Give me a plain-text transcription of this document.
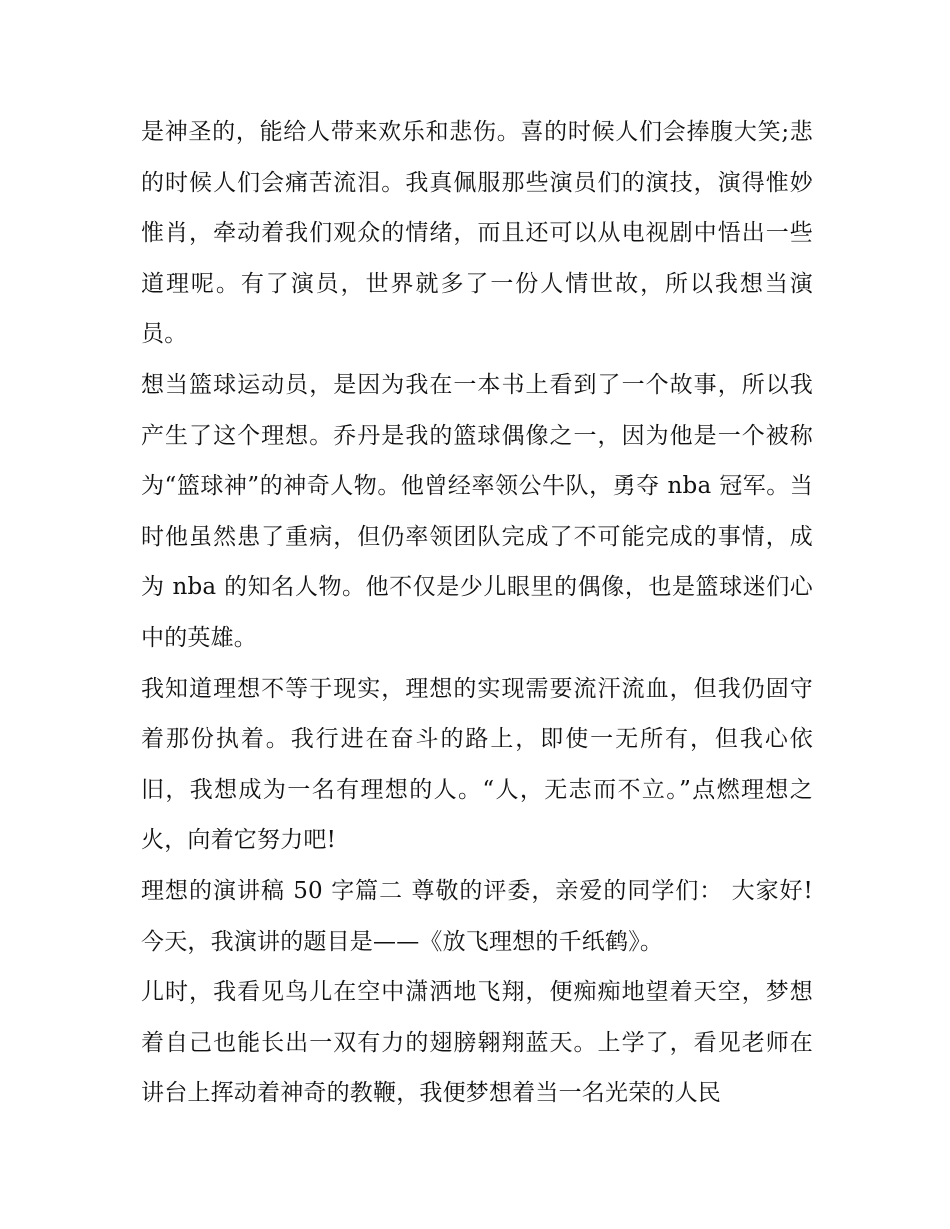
是神圣的，能给人带来欢乐和悲伤。喜的时候人们会捧腹大笑;悲的时候人们会痛苦流泪。我真佩服那些演员们的演技，演得惟妙惟肖，牵动着我们观众的情绪，而且还可以从电视剧中悟出一些道理呢。有了演员，世界就多了一份人情世故，所以我想当演员。

想当篮球运动员，是因为我在一本书上看到了一个故事，所以我产生了这个理想。乔丹是我的篮球偶像之一，因为他是一个被称为“篮球神”的神奇人物。他曾经率领公牛队，勇夺 nba 冠军。当时他虽然患了重病，但仍率领团队完成了不可能完成的事情，成为 nba 的知名人物。他不仅是少儿眼里的偶像，也是篮球迷们心中的英雄。

我知道理想不等于现实，理想的实现需要流汗流血，但我仍固守着那份执着。我行进在奋斗的路上，即使一无所有，但我心依旧，我想成为一名有理想的人。“人，无志而不立。”点燃理想之火，向着它努力吧!

理想的演讲稿 50 字篇二 尊敬的评委，亲爱的同学们： 大家好! 今天，我演讲的题目是——《放飞理想的千纸鹤》。

儿时，我看见鸟儿在空中潇洒地飞翔，便痴痴地望着天空，梦想着自己也能长出一双有力的翅膀翱翔蓝天。上学了，看见老师在讲台上挥动着神奇的教鞭，我便梦想着当一名光荣的人民
